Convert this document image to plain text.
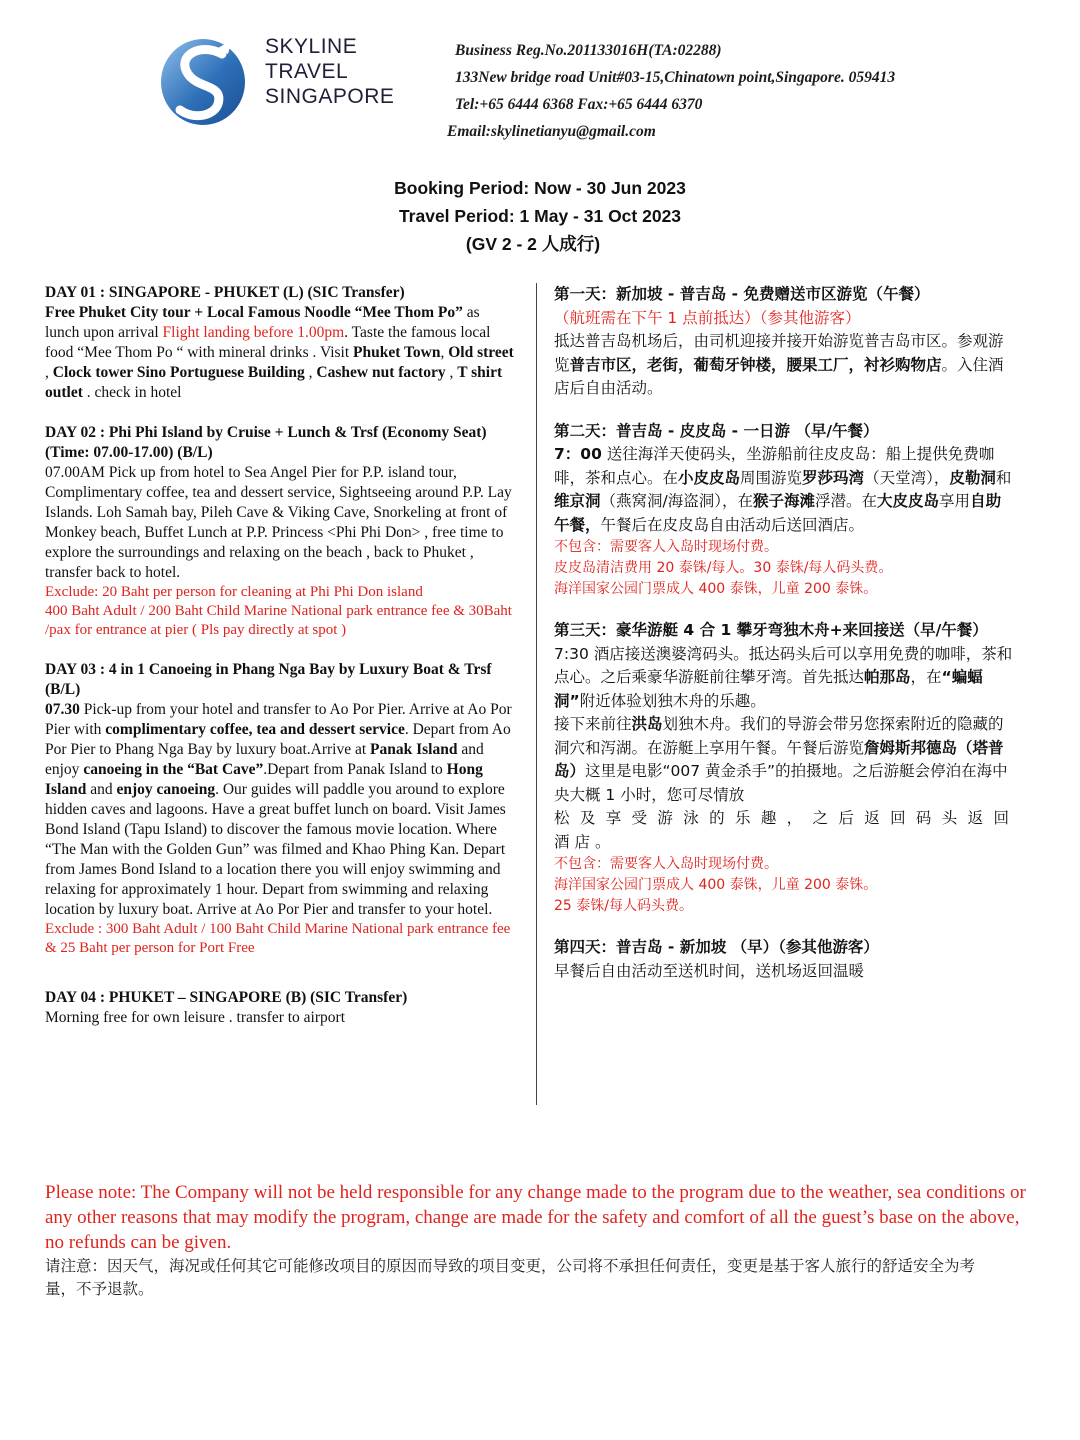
SKYLINE
TRAVEL
SINGAPORE
Business Reg.No.201133016H(TA:02288)
133New bridge road Unit#03-15,Chinatown point,Singapore. 059413
Tel:+65 6444 6368 Fax:+65 6444 6370
Email:skylinetianyu@gmail.com
Booking Period: Now - 30 Jun 2023
Travel Period: 1 May - 31 Oct 2023
(GV 2 - 2 人成行)
DAY 01 : SINGAPORE - PHUKET (L) (SIC Transfer)
Free Phuket City tour + Local Famous Noodle “Mee Thom Po” as lunch upon arrival Flight landing before 1.00pm. Taste the famous local food “Mee Thom Po “ with mineral drinks . Visit Phuket Town, Old street , Clock tower Sino Portuguese Building , Cashew nut factory , T shirt outlet . check in hotel
DAY 02 : Phi Phi Island by Cruise + Lunch & Trsf (Economy Seat) (Time: 07.00-17.00) (B/L)
07.00AM Pick up from hotel to Sea Angel Pier for P.P. island tour, Complimentary coffee, tea and dessert service, Sightseeing around P.P. Lay Islands. Loh Samah bay, Pileh Cave & Viking Cave, Snorkeling at front of Monkey beach, Buffet Lunch at P.P. Princess <Phi Phi Don> , free time to explore the surroundings and relaxing on the beach , back to Phuket , transfer back to hotel.
Exclude: 20 Baht per person for cleaning at Phi Phi Don island
400 Baht Adult / 200 Baht Child Marine National park entrance fee & 30Baht /pax for entrance at pier ( Pls pay directly at spot )
DAY 03 : 4 in 1 Canoeing in Phang Nga Bay by Luxury Boat & Trsf (B/L)
07.30 Pick-up from your hotel and transfer to Ao Por Pier. Arrive at Ao Por Pier with complimentary coffee, tea and dessert service. Depart from Ao Por Pier to Phang Nga Bay by luxury boat.Arrive at Panak Island and enjoy canoeing in the “Bat Cave”.Depart from Panak Island to Hong Island and enjoy canoeing. Our guides will paddle you around to explore hidden caves and lagoons. Have a great buffet lunch on board. Visit James Bond Island (Tapu Island) to discover the famous movie location. Where “The Man with the Golden Gun” was filmed and Khao Phing Kan. Depart from James Bond Island to a location there you will enjoy swimming and relaxing for approximately 1 hour. Depart from swimming and relaxing location by luxury boat. Arrive at Ao Por Pier and transfer to your hotel.
Exclude : 300 Baht Adult / 100 Baht Child Marine National park entrance fee & 25 Baht per person for Port Free
DAY 04 : PHUKET – SINGAPORE (B) (SIC Transfer)
Morning free for own leisure . transfer to airport
第一天：新加坡 - 普吉岛 - 免费赠送市区游览（午餐）
（航班需在下午 1 点前抵达）（参其他游客）
抵达普吉岛机场后，由司机迎接并接开始游览普吉岛市区。参观游览普吉市区，老街，葡萄牙钟楼，腰果工厂，衬衫购物店。入住酒店后自由活动。
第二天：普吉岛 - 皮皮岛 - 一日游 （早/午餐）
7：00 送往海洋天使码头，坐游船前往皮皮岛：船上提供免费咖啡，茶和点心。在小皮皮岛周围游览罗莎玛湾（天堂湾），皮勒洞和维京洞（燕窝洞/海盗洞），在猴子海滩浮潜。在大皮皮岛享用自助午餐，午餐后在皮皮岛自由活动后送回酒店。
不包含：需要客人入岛时现场付费。
皮皮岛清洁费用 20 泰铢/每人。30 泰铢/每人码头费。
海洋国家公园门票成人 400 泰铢，儿童 200 泰铢。
第三天：豪华游艇 4 合 1 攀牙弯独木舟+来回接送（早/午餐）
7:30 酒店接送澳婆湾码头。抵达码头后可以享用免费的咖啡，茶和点心。之后乘豪华游艇前往攀牙湾。首先抵达帕那岛，在“蝙蝠洞”附近体验划独木舟的乐趣。
接下来前往洪岛划独木舟。我们的导游会带另您探索附近的隐藏的洞穴和泻湖。在游艇上享用午餐。午餐后游览詹姆斯邦德岛（塔普岛）这里是电影“007 黄金杀手”的拍摄地。之后游艇会停泊在海中央大概 1 小时，您可尽情放
松及享受游泳的乐趣，之后返回码头返回
酒店。
不包含：需要客人入岛时现场付费。
海洋国家公园门票成人 400 泰铢，儿童 200 泰铢。
25 泰铢/每人码头费。
第四天：普吉岛 - 新加坡 （早）（参其他游客）
早餐后自由活动至送机时间，送机场返回温暖
Please note: The Company will not be held responsible for any change made to the program due to the weather, sea conditions or any other reasons that may modify the program, change are made for the safety and comfort of all the guest’s base on the above, no refunds can be given.
请注意：因天气，海况或任何其它可能修改项目的原因而导致的项目变更，公司将不承担任何责任，变更是基于客人旅行的舒适安全为考量，不予退款。
